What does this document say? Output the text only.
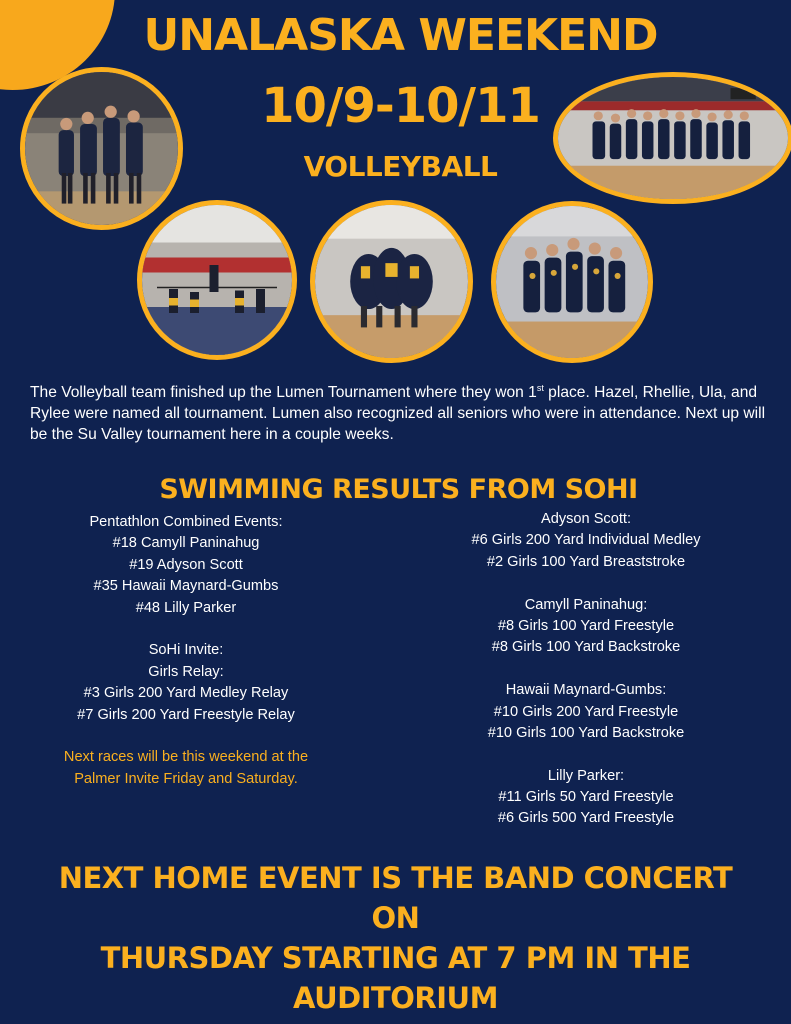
UNALASKA WEEKEND
10/9-10/11
VOLLEYBALL

The Volleyball team finished up the Lumen Tournament where they won 1st place. Hazel, Rhellie, Ula, and Rylee were named all tournament. Lumen also recognized all seniors who were in attendance. Next up will be the Su Valley tournament here in a couple weeks.

SWIMMING RESULTS FROM SOHI
Pentathlon Combined Events:
#18 Camyll Paninahug
#19 Adyson Scott
#35 Hawaii Maynard-Gumbs
#48 Lilly Parker
SoHi Invite:
Girls Relay:
#3 Girls 200 Yard Medley Relay
#7 Girls 200 Yard Freestyle Relay
Next races will be this weekend at the
Palmer Invite Friday and Saturday.
Adyson Scott:
#6 Girls 200 Yard Individual Medley
#2 Girls 100 Yard Breaststroke
Camyll Paninahug:
#8 Girls 100 Yard Freestyle
#8 Girls 100 Yard Backstroke
Hawaii Maynard-Gumbs:
#10 Girls 200 Yard Freestyle
#10 Girls 100 Yard Backstroke
Lilly Parker:
#11 Girls 50 Yard Freestyle
#6 Girls 500 Yard Freestyle
NEXT HOME EVENT IS THE BAND CONCERT ON
THURSDAY STARTING AT 7 PM IN THE
AUDITORIUM
